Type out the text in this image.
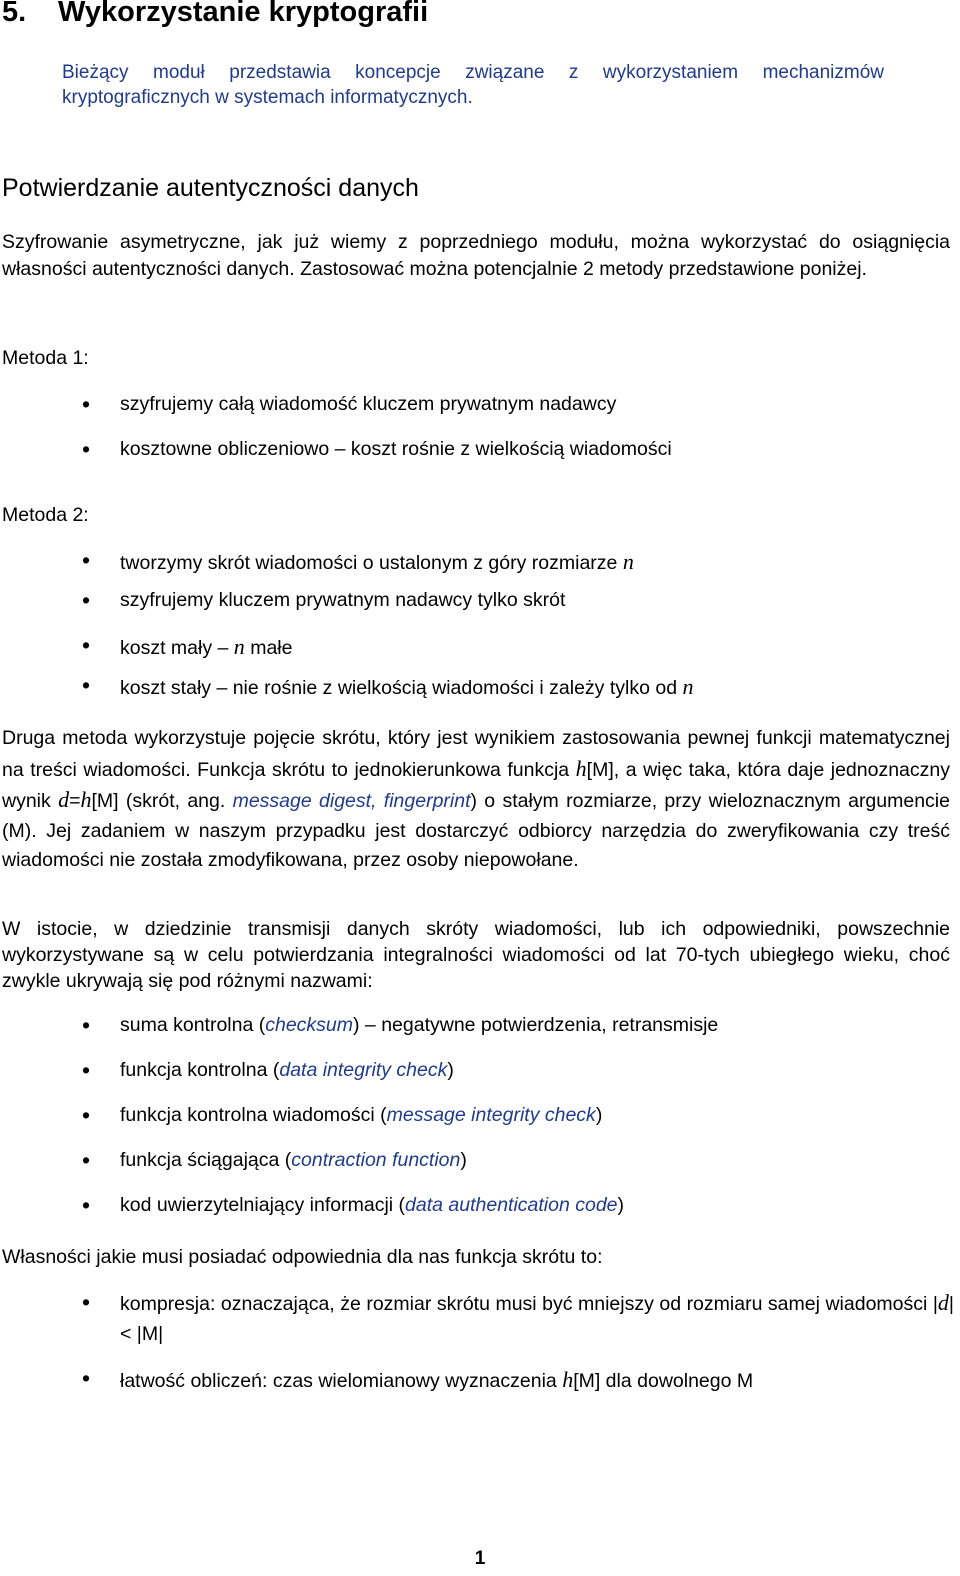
5. Wykorzystanie kryptografii
Bieżący moduł przedstawia koncepcje związane z wykorzystaniem mechanizmów kryptograficznych w systemach informatycznych.
Potwierdzanie autentyczności danych
Szyfrowanie asymetryczne, jak już wiemy z poprzedniego modułu, można wykorzystać do osiągnięcia własności autentyczności danych. Zastosować można potencjalnie 2 metody przedstawione poniżej.
Metoda 1:
• szyfrujemy całą wiadomość kluczem prywatnym nadawcy
• kosztowne obliczeniowo – koszt rośnie z wielkością wiadomości
Metoda 2:
• tworzymy skrót wiadomości o ustalonym z góry rozmiarze n
• szyfrujemy kluczem prywatnym nadawcy tylko skrót
• koszt mały – n małe
• koszt stały – nie rośnie z wielkością wiadomości i zależy tylko od n
Druga metoda wykorzystuje pojęcie skrótu, który jest wynikiem zastosowania pewnej funkcji matematycznej na treści wiadomości. Funkcja skrótu to jednokierunkowa funkcja h[M], a więc taka, która daje jednoznaczny wynik d=h[M] (skrót, ang. message digest, fingerprint) o stałym rozmiarze, przy wieloznacznym argumencie (M). Jej zadaniem w naszym przypadku jest dostarczyć odbiorcy narzędzia do zweryfikowania czy treść wiadomości nie została zmodyfikowana, przez osoby niepowołane.
W istocie, w dziedzinie transmisji danych skróty wiadomości, lub ich odpowiedniki, powszechnie wykorzystywane są w celu potwierdzania integralności wiadomości od lat 70-tych ubiegłego wieku, choć zwykle ukrywają się pod różnymi nazwami:
• suma kontrolna (checksum) – negatywne potwierdzenia, retransmisje
• funkcja kontrolna (data integrity check)
• funkcja kontrolna wiadomości (message integrity check)
• funkcja ściągająca (contraction function)
• kod uwierzytelniający informacji (data authentication code)
Własności jakie musi posiadać odpowiednia dla nas funkcja skrótu to:
• kompresja: oznaczająca, że rozmiar skrótu musi być mniejszy od rozmiaru samej wiadomości |d| < |M|
• łatwość obliczeń: czas wielomianowy wyznaczenia h[M] dla dowolnego M
1
